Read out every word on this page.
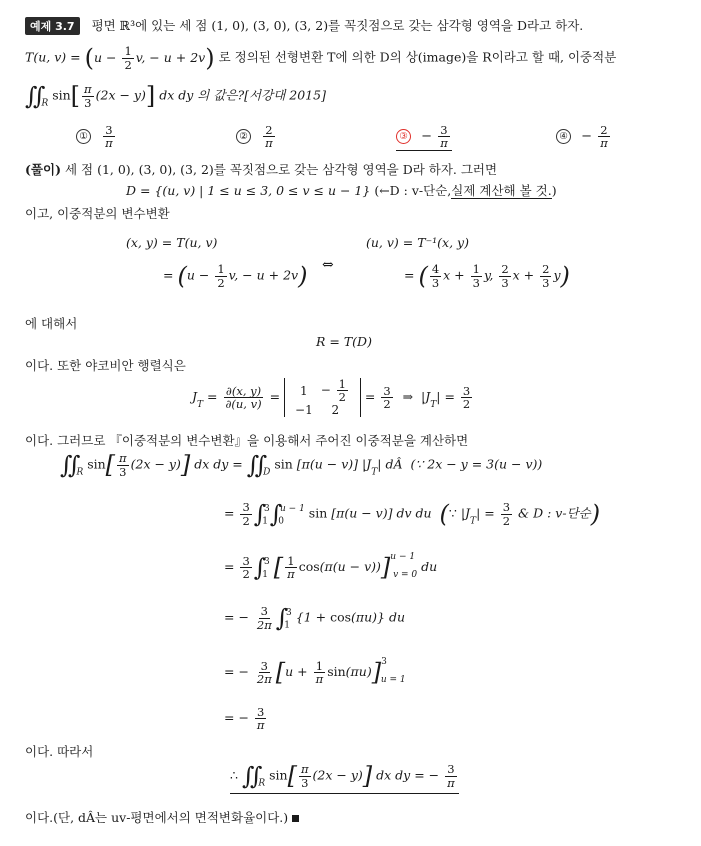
예제 3.7 평면 ℝ³에 있는 세 점 (1, 0), (3, 0), (3, 2)를 꼭짓점으로 갖는 삼각형 영역을 D라고 하자.
T(u, $v) = (u - \frac{1}{2} v$, − u + 2v) 로 정의된 선형변환 T에 의한 D의 상(image)을 R이라고 할 때, 이중적분
$∬_R$ $\sin[ \frac{\pi}{3} (2x - y)]$ dx dy 의 값은?[서강대 2015]
① $\frac{3}{\pi}$	② $\frac{2}{\pi}$	③ − $\frac{3}{\pi}$	④ − $\frac{2}{\pi}$
(풀이) 세 점 (1, 0), (3, 0), (3, 2)를 꼭짓점으로 갖는 삼각형 영역을 D라 하자. 그러면
D = {(u, v) | 1 ≤ u ≤ 3, 0 ≤ v ≤ u − 1} (←D : v-단순,실제 계산해 볼 것.)
이고, 이중적분의 변수변환
(x, y) = T(u, v)	(u, v) = T⁻¹(x, y)
= ($u - \frac{1}{2} v$, − u + 2v) ⇔
= ( $\frac{4}{3}$ $x + \frac{1}{3} y$, $\frac{2}{3}$ $x + \frac{2}{3} y$)
에 대해서
R = T(D)
이다. 또한 야코비안 행렬식은
$J_T = \frac{\partial(x, y)}{\partial(u, v)} = 1$	− $\frac{1}{2}$

−1	2
= $\frac{3}{2}$ ⇒  $|J_T| = \frac{3}{2}$
이다. 그러므로 『이중적분의 변수변환』을 이용해서 주어진 이중적분을 계산하면
$∬_R$ $\sin[ \frac{\pi}{3} (2x - y)]$ dx dy = $∬_D$ sin [π(u − v)] $|J_T|$ dÂ  (∵ 2x − y = 3(u − v))
= $\frac{3}{2} \int_1^3\int_0^{u - 1}$ sin [π(u − v)] dv du  (∵ $|J_T| = \frac{3}{2}$ & D : v-단순)
= $\frac{3}{2} \int_1^3$ [ $\frac{1}{\pi} \cos(\pi(u - v))]^{u - 1}_{v = 0}$ du
= − $\frac{3}{2\pi} \int_1^3$ {1 + cos(πu)} du
= − $\frac{3}{2\pi} [u + \frac{1}{\pi} \sin(\pi u)]^3_{u = 1}$
= − $\frac{3}{\pi}$
이다. 따라서
∴ $∬_R$ $\sin[ \frac{\pi}{3} (2x - y)]$ dx dy = − $\frac{3}{\pi}$
이다.(단, dÂ는 uv-평면에서의 면적변화율이다.)
